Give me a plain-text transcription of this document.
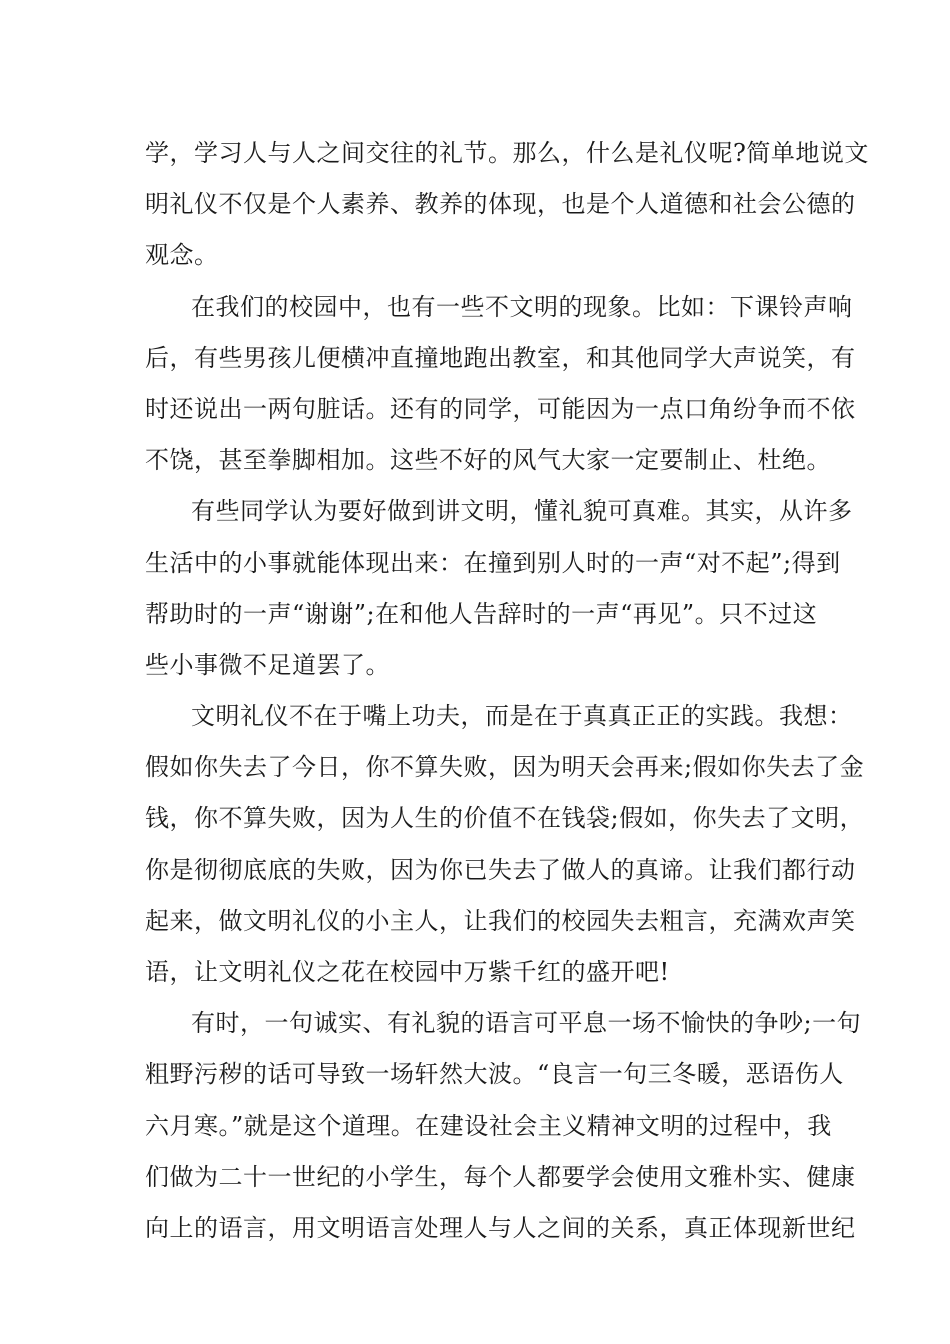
学，学习人与人之间交往的礼节。那么，什么是礼仪呢?简单地说文
明礼仪不仅是个人素养、教养的体现，也是个人道德和社会公德的
观念。
在我们的校园中，也有一些不文明的现象。比如：下课铃声响
后，有些男孩儿便横冲直撞地跑出教室，和其他同学大声说笑，有
时还说出一两句脏话。还有的同学，可能因为一点口角纷争而不依
不饶，甚至拳脚相加。这些不好的风气大家一定要制止、杜绝。
有些同学认为要好做到讲文明，懂礼貌可真难。其实，从许多
生活中的小事就能体现出来：在撞到别人时的一声“对不起”;得到
帮助时的一声“谢谢”;在和他人告辞时的一声“再见”。只不过这
些小事微不足道罢了。
文明礼仪不在于嘴上功夫，而是在于真真正正的实践。我想：
假如你失去了今日，你不算失败，因为明天会再来;假如你失去了金
钱，你不算失败，因为人生的价值不在钱袋;假如，你失去了文明，
你是彻彻底底的失败，因为你已失去了做人的真谛。让我们都行动
起来，做文明礼仪的小主人，让我们的校园失去粗言，充满欢声笑
语，让文明礼仪之花在校园中万紫千红的盛开吧!
有时，一句诚实、有礼貌的语言可平息一场不愉快的争吵;一句
粗野污秽的话可导致一场轩然大波。“良言一句三冬暖，恶语伤人
六月寒。”就是这个道理。在建设社会主义精神文明的过程中，我
们做为二十一世纪的小学生，每个人都要学会使用文雅朴实、健康
向上的语言，用文明语言处理人与人之间的关系，真正体现新世纪
